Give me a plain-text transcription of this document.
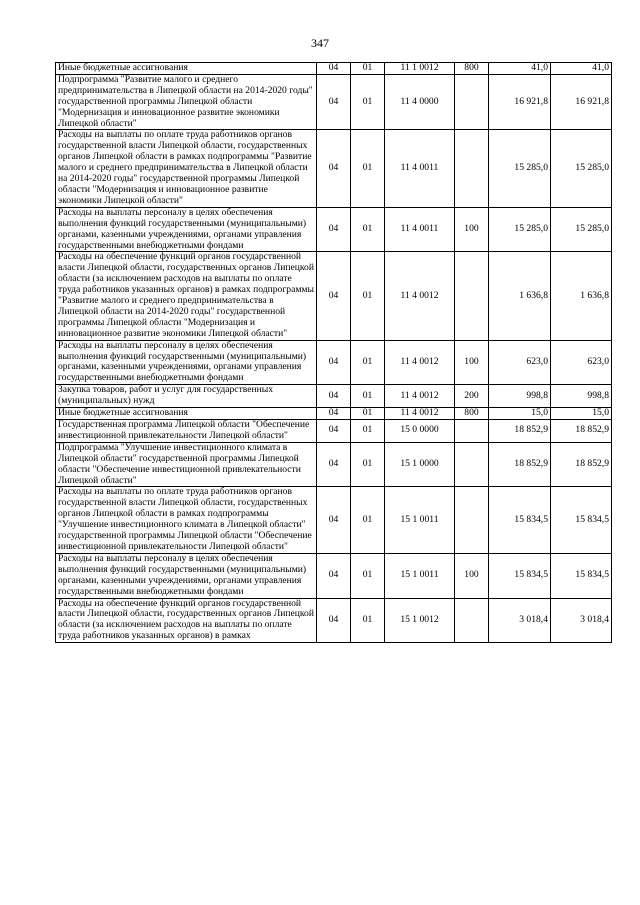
347
Иные бюджетные ассигнования	04	01	11 1 0012	800	41,0	41,0
Подпрограмма "Развитие малого и среднего предпринимательства в Липецкой области на 2014-2020 годы" государственной программы Липецкой области "Модернизация и инновационное развитие экономики Липецкой области"	04	01	11 4 0000		16 921,8	16 921,8
Расходы на выплаты по оплате труда работников органов государственной власти Липецкой области, государственных органов Липецкой области в рамках подпрограммы "Развитие малого и среднего предпринимательства в Липецкой области на 2014-2020 годы" государственной программы Липецкой области "Модернизация и инновационное развитие экономики Липецкой области"	04	01	11 4 0011		15 285,0	15 285,0
Расходы на выплаты персоналу в целях обеспечения выполнения функций государственными (муниципальными) органами, казенными учреждениями, органами управления государственными внебюджетными фондами	04	01	11 4 0011	100	15 285,0	15 285,0
Расходы на обеспечение функций органов государственной власти Липецкой области, государственных органов Липецкой области (за исключением расходов на выплаты по оплате труда работников указанных органов) в рамках подпрограммы "Развитие малого и среднего предпринимательства в Липецкой области на 2014-2020 годы" государственной программы Липецкой области "Модернизация и инновационное развитие экономики Липецкой области"	04	01	11 4 0012		1 636,8	1 636,8
Расходы на выплаты персоналу в целях обеспечения выполнения функций государственными (муниципальными) органами, казенными учреждениями, органами управления государственными внебюджетными фондами	04	01	11 4 0012	100	623,0	623,0
Закупка товаров, работ и услуг для государственных (муниципальных) нужд	04	01	11 4 0012	200	998,8	998,8
Иные бюджетные ассигнования	04	01	11 4 0012	800	15,0	15,0
Государственная программа Липецкой области "Обеспечение инвестиционной привлекательности Липецкой области"	04	01	15 0 0000		18 852,9	18 852,9
Подпрограмма "Улучшение инвестиционного климата в Липецкой области" государственной программы Липецкой области "Обеспечение инвестиционной привлекательности Липецкой области"	04	01	15 1 0000		18 852,9	18 852,9
Расходы на выплаты по оплате труда работников органов государственной власти Липецкой области, государственных органов Липецкой области в рамках подпрограммы "Улучшение инвестиционного климата в Липецкой области" государственной программы Липецкой области "Обеспечение инвестиционной привлекательности Липецкой области"	04	01	15 1 0011		15 834,5	15 834,5
Расходы на выплаты персоналу в целях обеспечения выполнения функций государственными (муниципальными) органами, казенными учреждениями, органами управления государственными внебюджетными фондами	04	01	15 1 0011	100	15 834,5	15 834,5
Расходы на обеспечение функций органов государственной власти Липецкой области, государственных органов Липецкой области (за исключением расходов на выплаты по оплате труда работников указанных органов) в рамках	04	01	15 1 0012		3 018,4	3 018,4
